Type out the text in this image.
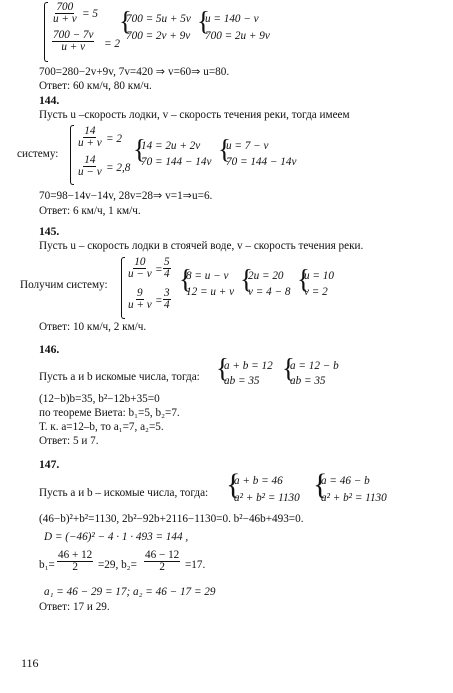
$\frac{700}{u + v} = 5$
$\frac{700 - 7v}{u + v} = 2$
{
700 = 5u + 5v
700 = 2v + 9v {
u = 140 − v
700 = 2u + 9v
700=280−2v+9v, 7v=420 ⇒ v=60⇒ u=80.
Ответ: 60 км/ч, 80 км/ч.
144.
Пусть u –скорость лодки, v – скорость течения реки, тогда имеем
систему:
$\frac{14}{u + v} = 2$
$\frac{14}{u - v} = 2,8$
{
14 = 2u + 2v
70 = 144 − 14v {
u = 7 − v
70 = 144 − 14v
70=98−14v−14v, 28v=28⇒ v=1⇒u=6.
Ответ: 6 км/ч, 1 км/ч.
145.
Пусть u – скорость лодки в стоячей воде, v – скорость течения реки.
Получим систему:
$\frac{10}{u - v} = \frac{5}{4}$
$\frac{9}{u + v} = \frac{3}{4}$
{
8 = u − v
12 = u + v {
2u = 20
v = 4 − 8 {
u = 10
v = 2
Ответ: 10 км/ч, 2 км/ч.
146.
Пусть a и b искомые числа, тогда: {
a + b = 12
ab = 35 {
a = 12 − b
ab = 35
(12−b)b=35, b²−12b+35=0
по теореме Виета: b₁=5, b₂=7.
Т. к. a=12–b, то a₁=7, a₂=5.
Ответ: 5 и 7.
147.
Пусть a и b – искомые числа, тогда: {
a + b = 46
a² + b² = 1130 {
a = 46 − b
a² + b² = 1130
(46−b)²+b²=1130, 2b²−92b+2116−1130=0. b²−46b+493=0.
D = (−46)² − 4 · 1 · 493 = 144 ,
$b_1= \frac{46 + 12}{2} =29$, $b_2= \frac{46 - 12}{2} =17$.
a₁ = 46 − 29 = 17; a₂ = 46 − 17 = 29
Ответ: 17 и 29.
116
